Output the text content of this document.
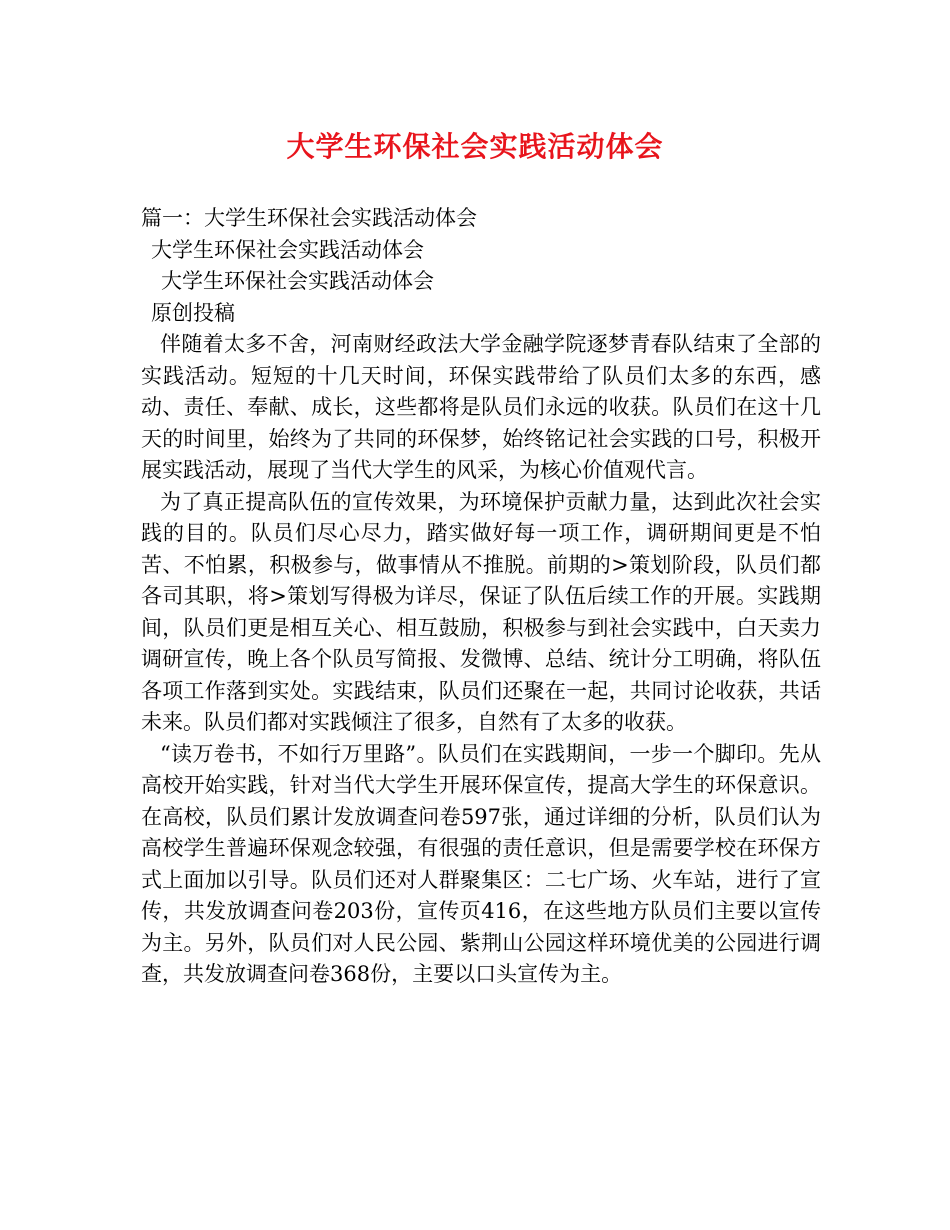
大学生环保社会实践活动体会
篇一：大学生环保社会实践活动体会
大学生环保社会实践活动体会
大学生环保社会实践活动体会
原创投稿

伴随着太多不舍，河南财经政法大学金融学院逐梦青春队结束了全部的实践活动。短短的十几天时间，环保实践带给了队员们太多的东西，感动、责任、奉献、成长，这些都将是队员们永远的收获。队员们在这十几天的时间里，始终为了共同的环保梦，始终铭记社会实践的口号，积极开展实践活动，展现了当代大学生的风采，为核心价值观代言。

为了真正提高队伍的宣传效果，为环境保护贡献力量，达到此次社会实践的目的。队员们尽心尽力，踏实做好每一项工作，调研期间更是不怕苦、不怕累，积极参与，做事情从不推脱。前期的>策划阶段，队员们都各司其职，将>策划写得极为详尽，保证了队伍后续工作的开展。实践期间，队员们更是相互关心、相互鼓励，积极参与到社会实践中，白天卖力调研宣传，晚上各个队员写简报、发微博、总结、统计分工明确，将队伍各项工作落到实处。实践结束，队员们还聚在一起，共同讨论收获，共话未来。队员们都对实践倾注了很多，自然有了太多的收获。

“读万卷书，不如行万里路”。队员们在实践期间，一步一个脚印。先从高校开始实践，针对当代大学生开展环保宣传，提高大学生的环保意识。在高校，队员们累计发放调查问卷597张，通过详细的分析，队员们认为高校学生普遍环保观念较强，有很强的责任意识，但是需要学校在环保方式上面加以引导。队员们还对人群聚集区：二七广场、火车站，进行了宣传，共发放调查问卷203份，宣传页416，在这些地方队员们主要以宣传为主。另外，队员们对人民公园、紫荆山公园这样环境优美的公园进行调查，共发放调查问卷368份，主要以口头宣传为主。
